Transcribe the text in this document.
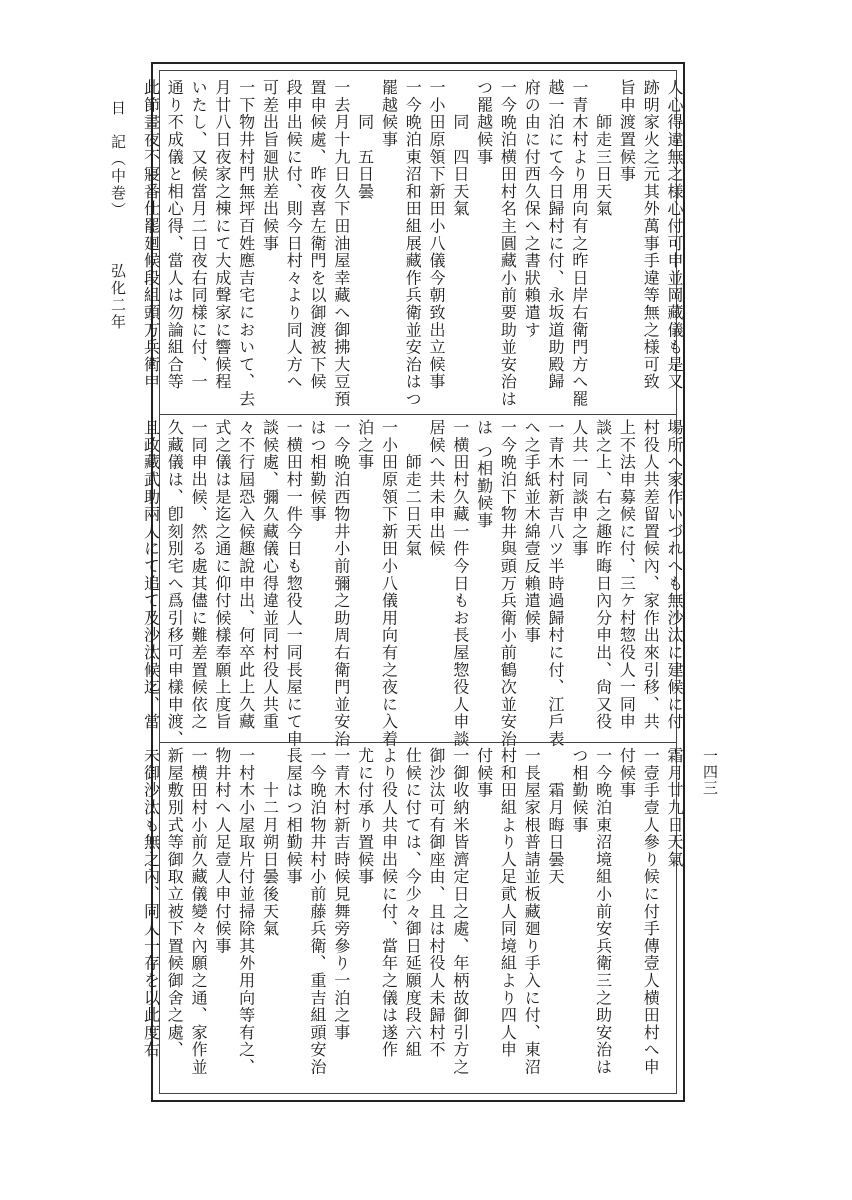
日　記（中巻）  弘化二年
一四三
人心得違無之様心付可申並岡藏儀も是又
跡明家火之元其外萬事手違等無之様可致
旨申渡置候事
　　師走三日天氣
一青木村より用向有之昨日岸右衛門方へ罷
越一泊にて今日歸村に付、永坂道助殿歸
府の由に付西久保へ之書狀賴遣す
一今晩泊横田村名主圓藏小前要助並安治は
つ罷越候事
　　同　四日天氣
一小田原領下新田小八儀今朝致出立候事
一今晩泊東沼和田組展藏作兵衛並安治はつ
罷越候事
　　同　五日曇
一去月十九日久下田油屋幸藏へ御拂大豆預
置申候處、昨夜喜左衛門を以御渡被下候
段申出候に付、則今日村々より同人方へ
可差出旨廻狀差出候事
一下物井村門無坪百姓應吉宅において、去
月廿八日夜家之棟にて大成聲家に響候程
いたし、又候當月二日夜右同樣に付、一
通り不成儀と相心得、當人は勿論組合等
此節晝夜不寢番仕罷廻候段組頭万兵衛申
場所へ家作いづれへも無沙汰に建候に付
村役人共差留置候內、家作出來引移、共
上不法申募候に付、三ケ村惣役人一同申
談之上、右之趣昨晦日內分申出、尙又役
人共一同談申之事
一青木村新吉八ツ半時過歸村に付、江戶表
へ之手紙並木綿壹反賴遣候事
一今晩泊下物井與頭万兵衛小前鶴次並安治
は つ相勤候事
一横田村久藏一件今日もお長屋惣役人申談
居候へ共未申出候
　　師走二日天氣
一小田原領下新田小八儀用向有之夜に入着
泊之事
一今晩泊西物井小前彌之助周右衛門並安治
はつ相勤候事
一横田村一件今日も惣役人一同長屋にて申
談候處、彌久藏儀心得違並同村役人共重
々不行屆恐入候趣說申出、何卒此上久藏
式之儀は是迄之通に仰付候樣奉願上度旨
一同申出候、然る處其儘に難差置候依之
久藏儀は、卽刻別宅へ爲引移可申樣申渡、
且政藏武助兩人にて追て及沙汰候迄、當
霜月廿九日天氣
一壹手壹人參り候に付手傳壹人横田村へ申
付候事
一今晩泊東沼境組小前安兵衛三之助安治は
つ相勤候事
　　霜月晦日曇天
一長屋家根普請並板藏廻り手入に付、東沼
村和田組より人足貮人同境組より四人申
付候事
一御收納米皆濟定日之處、年柄故御引方之
御沙汰可有御座由、且は村役人未歸村不
仕候に付ては、今少々御日延願度段六組
より役人共申出候に付、當年之儀は遂作
尤に付承り置候事
一青木村新吉時候見舞旁參り一泊之事
一今晩泊物井村小前藤兵衛、重吉組頭安治
長屋はつ相勤候事
　　十二月朔日曇後天氣
一村木小屋取片付並掃除其外用向等有之、
物井村へ人足壹人申付候事
一横田村小前久藏儀變々內願之通、家作並
新屋敷別式等御取立被下置候御舍之處、
未御沙汰も無之內、同人一存を以此度右
